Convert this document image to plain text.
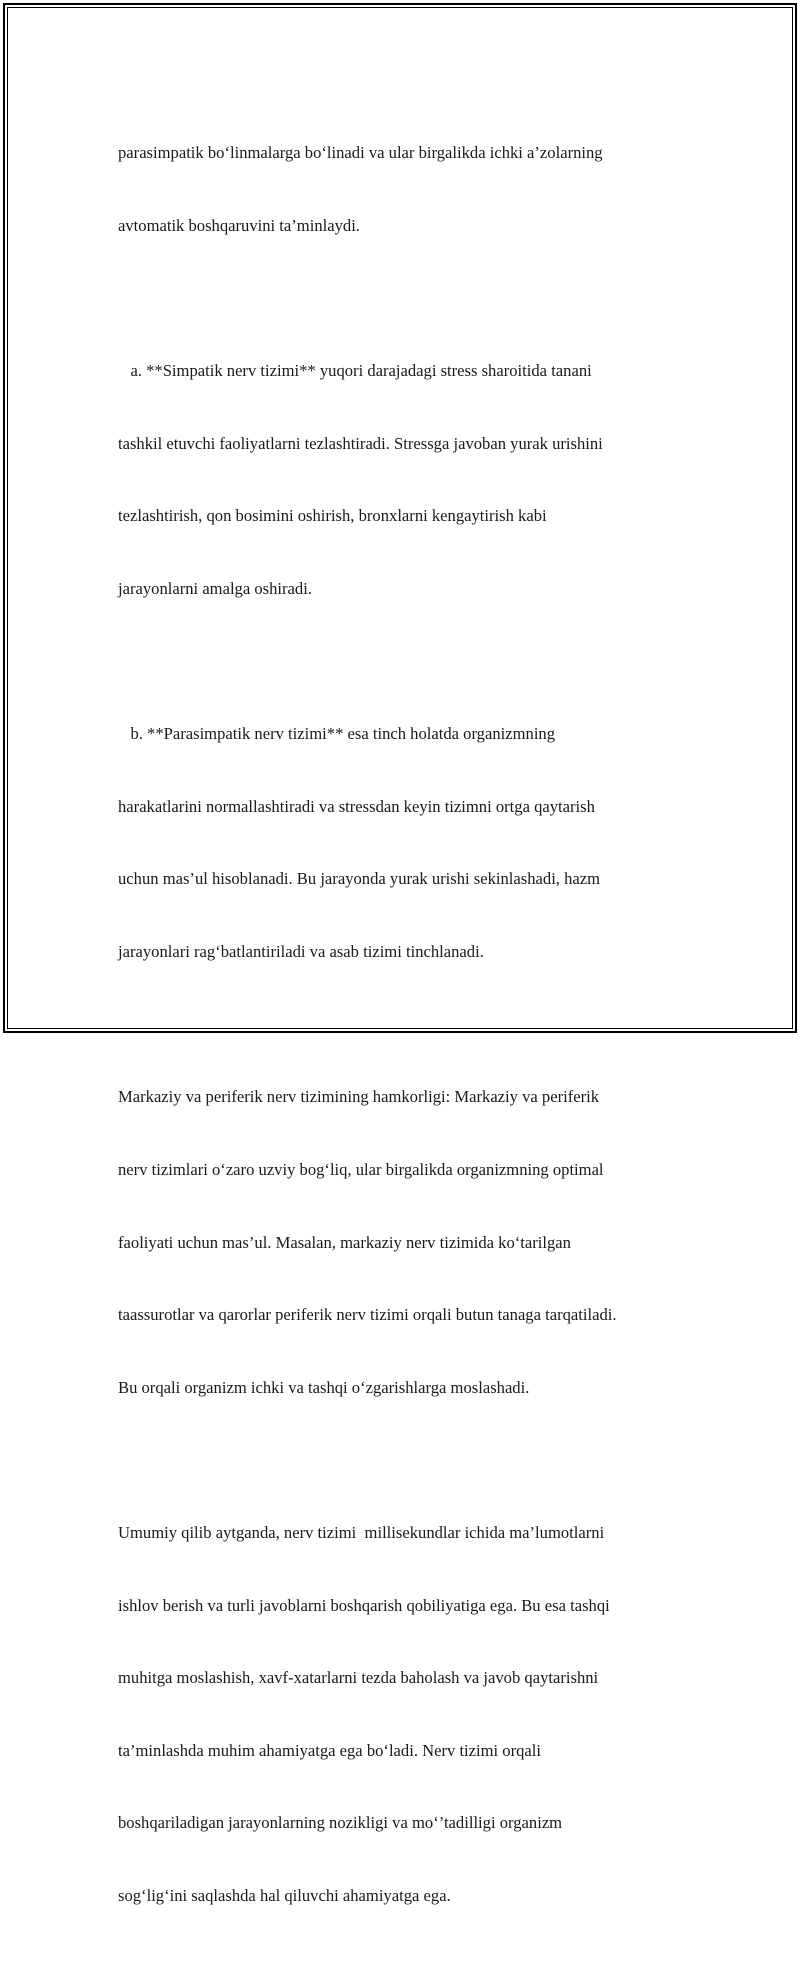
parasimpatik bo‘linmalarga bo‘linadi va ular birgalikda ichki a’zolarning

avtomatik boshqaruvini ta’minlaydi.

a. **Simpatik nerv tizimi** yuqori darajadagi stress sharoitida tanani

tashkil etuvchi faoliyatlarni tezlashtiradi. Stressga javoban yurak urishini

tezlashtirish, qon bosimini oshirish, bronxlarni kengaytirish kabi

jarayonlarni amalga oshiradi.

b. **Parasimpatik nerv tizimi** esa tinch holatda organizmning

harakatlarini normallashtiradi va stressdan keyin tizimni ortga qaytarish

uchun mas’ul hisoblanadi. Bu jarayonda yurak urishi sekinlashadi, hazm

jarayonlari rag‘batlantiriladi va asab tizimi tinchlanadi.

Markaziy va periferik nerv tizimining hamkorligi: Markaziy va periferik

nerv tizimlari o‘zaro uzviy bog‘liq, ular birgalikda organizmning optimal

faoliyati uchun mas’ul. Masalan, markaziy nerv tizimida ko‘tarilgan

taassurotlar va qarorlar periferik nerv tizimi orqali butun tanaga tarqatiladi.

Bu orqali organizm ichki va tashqi o‘zgarishlarga moslashadi.

Umumiy qilib aytganda, nerv tizimi  millisekundlar ichida ma’lumotlarni

ishlov berish va turli javoblarni boshqarish qobiliyatiga ega. Bu esa tashqi

muhitga moslashish, xavf-xatarlarni tezda baholash va javob qaytarishni

ta’minlashda muhim ahamiyatga ega bo‘ladi. Nerv tizimi orqali

boshqariladigan jarayonlarning nozikligi va mo‘’tadilligi organizm

sog‘lig‘ini saqlashda hal qiluvchi ahamiyatga ega.
